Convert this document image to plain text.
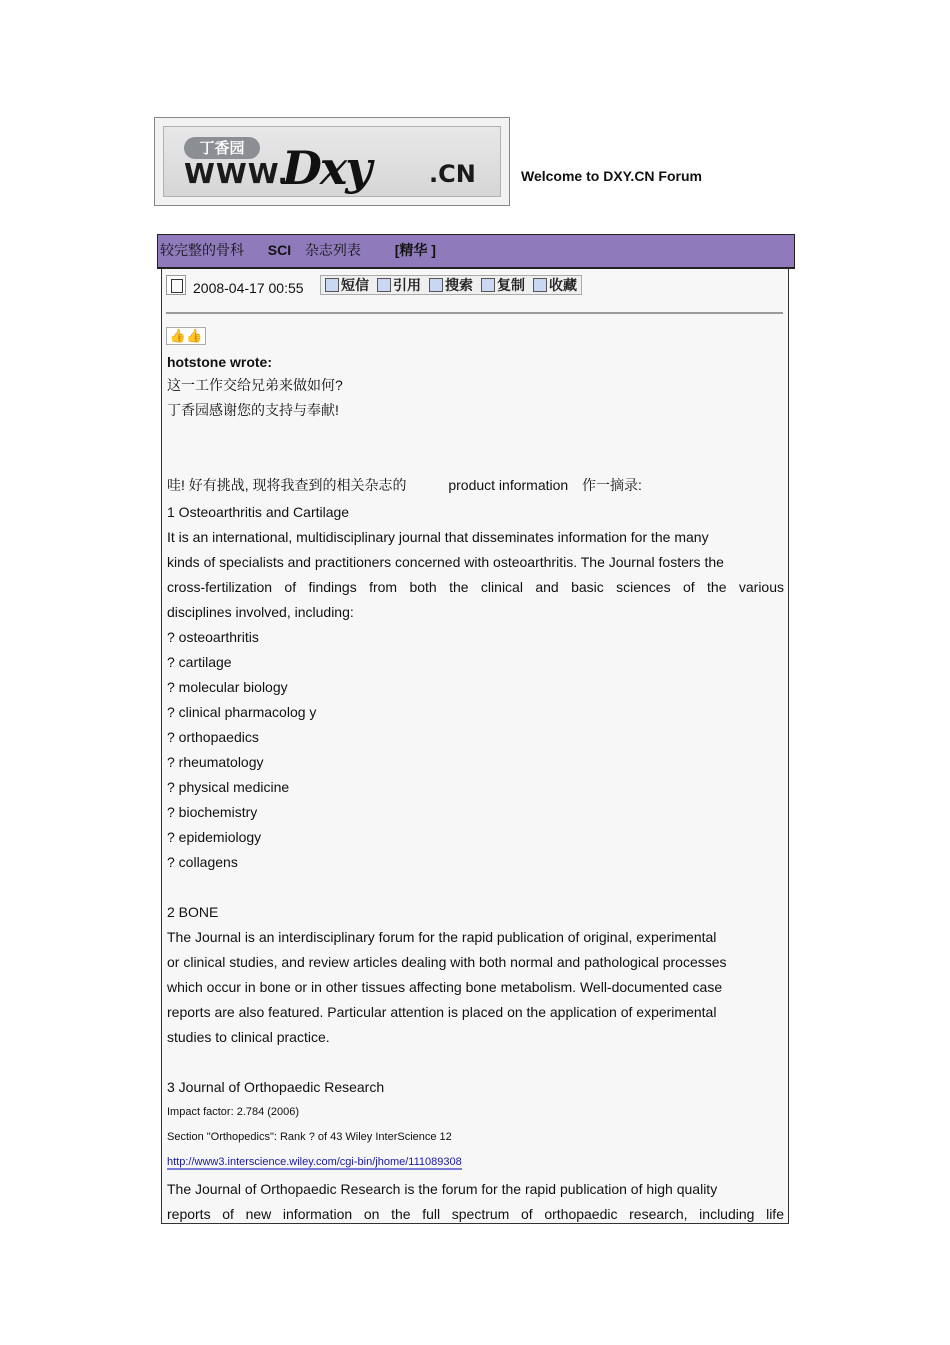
丁香园
WWW.
Dxy .CN	Welcome to DXY.CN Forum
较完整的骨科 SCI 杂志列表 [精华 ]
2008-04-17 00:55	短信 引用 搜索 复制 收藏
👍👍
hotstone wrote:
这一工作交给兄弟来做如何?
丁香园感谢您的支持与奉献!
哇! 好有挑战, 现将我查到的相关杂志的	product information 作一摘录:
1 Osteoarthritis and Cartilage
It is an international, multidisciplinary journal that disseminates information for the many
kinds of specialists and practitioners concerned with osteoarthritis. The Journal fosters the
cross-fertilization of findings from both the clinical and basic sciences of the various
disciplines involved, including:
? osteoarthritis
? cartilage
? molecular biology
? clinical pharmacolog y
? orthopaedics
? rheumatology
? physical medicine
? biochemistry
? epidemiology
? collagens
2 BONE
The Journal is an interdisciplinary forum for the rapid publication of original, experimental
or clinical studies, and review articles dealing with both normal and pathological processes
which occur in bone or in other tissues affecting bone metabolism. Well-documented case
reports are also featured. Particular attention is placed on the application of experimental
studies to clinical practice.
3 Journal of Orthopaedic Research
Impact factor: 2.784 (2006)
Section "Orthopedics": Rank ? of 43 Wiley InterScience 12
http://www3.interscience.wiley.com/cgi-bin/jhome/111089308
The Journal of Orthopaedic Research is the forum for the rapid publication of high quality
reports of new information on the full spectrum of orthopaedic research, including life
